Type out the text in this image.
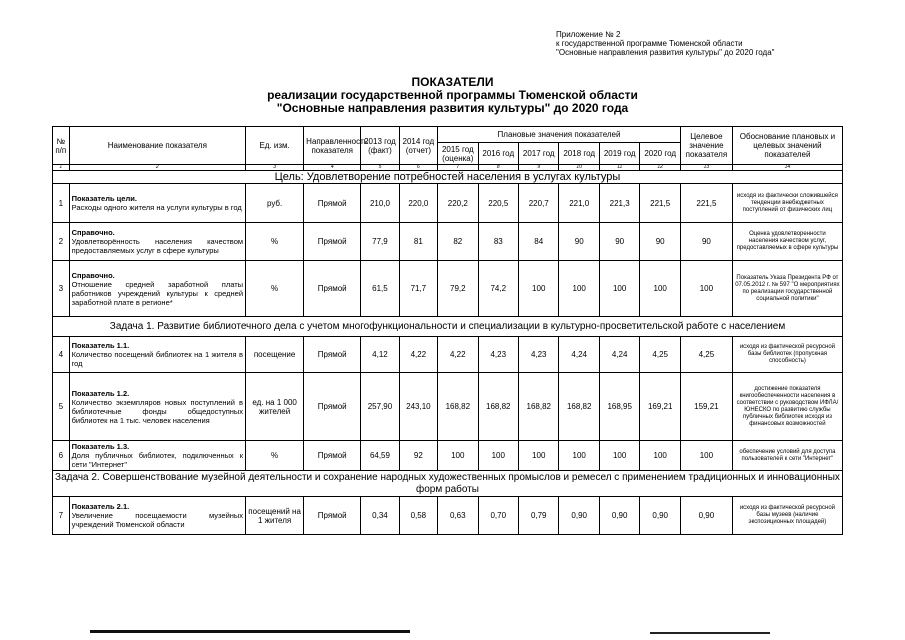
Приложение № 2
к государственной программе Тюменской области
"Основные направления развития культуры" до 2020 года"
ПОКАЗАТЕЛИ
реализации государственной программы Тюменской области
"Основные направления развития культуры" до 2020 года
№ п/п	Наименование показателя	Ед. изм.	Направленность показателя	2013 год (факт)	2014 год (отчет)	Плановые значения показателей						Целевое значение показателя	Обоснование плановых и целевых значений показателей
						2015 год (оценка)	2016 год	2017 год	2018 год	2019 год	2020 год		
1	2	3	4	5	6	7	8	9	10	11	12	13	14
Цель: Удовлетворение потребностей населения в услугах культуры													
1	Показатель цели.
Расходы одного жителя на услуги культуры в год	руб.	Прямой	210,0	220,0	220,2	220,5	220,7	221,0	221,3	221,5	221,5	исходя из фактически сложившейся тенденции внебюджетных поступлений от физических лиц
2	Справочно.
Удовлетворённость населения качеством предоставляемых услуг в сфере культуры	%	Прямой	77,9	81	82	83	84	90	90	90	90	Оценка удовлетворенности населения качеством услуг, предоставляемых в сфере культуры
3	Справочно.
Отношение средней заработной платы работников учреждений культуры к средней заработной плате в регионе*	%	Прямой	61,5	71,7	79,2	74,2	100	100	100	100	100	Показатель Указа Президента РФ от 07.05.2012 г. № 597 "О мероприятиях по реализации государственной социальной политики"
Задача 1. Развитие библиотечного дела с учетом многофункциональности и специализации в культурно-просветительской работе с населением													
4	Показатель 1.1.
Количество посещений библиотек на 1 жителя в год	посещение	Прямой	4,12	4,22	4,22	4,23	4,23	4,24	4,24	4,25	4,25	исходя из фактической ресурсной базы библиотек (пропускная способность)
5	Показатель 1.2.
Количество экземпляров новых поступлений в библиотечные фонды общедоступных библиотек на 1 тыс. человек населения	ед. на 1 000 жителей	Прямой	257,90	243,10	168,82	168,82	168,82	168,82	168,95	169,21	159,21	достижение показателя книгообеспеченности населения в соответствии с руководством ИФЛА/ ЮНЕСКО по развитию службы публичных библиотек исходя из финансовых возможностей
6	Показатель 1.3.
Доля публичных библиотек, подключенных к сети "Интернет"	%	Прямой	64,59	92	100	100	100	100	100	100	100	обеспечение условий для доступа пользователей к сети "Интернет"
Задача 2. Совершенствование музейной деятельности и сохранение народных художественных промыслов и ремесел с применением традиционных и инновационных форм работы													
7	Показатель 2.1.
Увеличение посещаемости музейных учреждений Тюменской области	посещений на 1 жителя	Прямой	0,34	0,58	0,63	0,70	0,79	0,90	0,90	0,90	0,90	исходя из фактической ресурсной базы музеев (наличие экспозиционных площадей)
